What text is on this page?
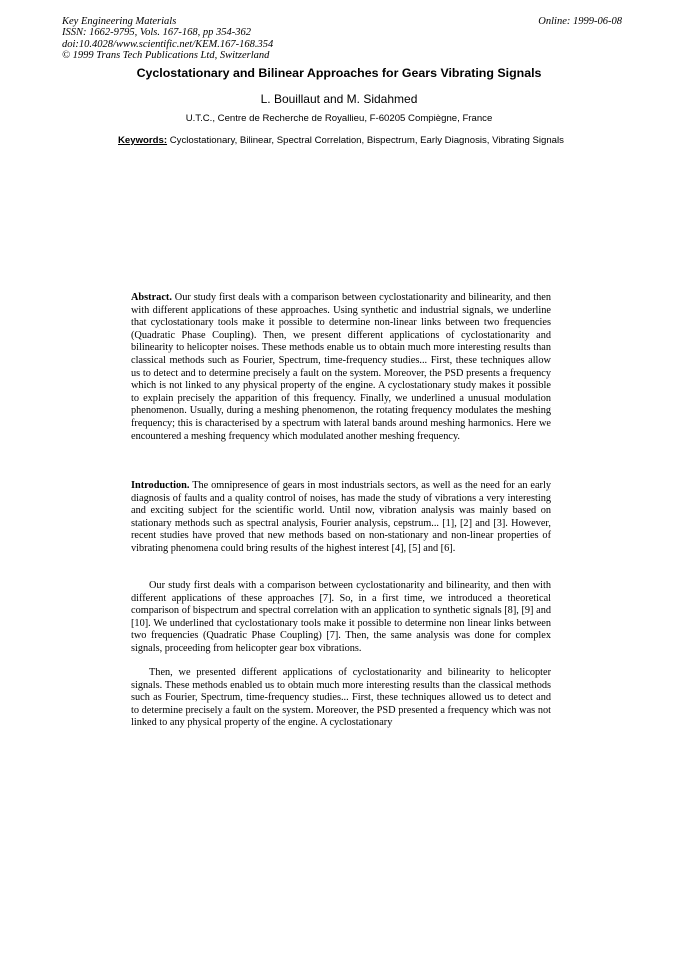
Key Engineering Materials
ISSN: 1662-9795, Vols. 167-168, pp 354-362
doi:10.4028/www.scientific.net/KEM.167-168.354
© 1999 Trans Tech Publications Ltd, Switzerland
Online: 1999-06-08
Cyclostationary and Bilinear Approaches for Gears Vibrating Signals
L. Bouillaut and M. Sidahmed
U.T.C., Centre de Recherche de Royallieu, F-60205 Compiègne, France
Keywords: Cyclostationary, Bilinear, Spectral Correlation, Bispectrum, Early Diagnosis, Vibrating Signals
Abstract. Our study first deals with a comparison between cyclostationarity and bilinearity, and then with different applications of these approaches. Using synthetic and industrial signals, we underline that cyclostationary tools make it possible to determine non-linear links between two frequencies (Quadratic Phase Coupling). Then, we present different applications of cyclostationarity and bilinearity to helicopter noises. These methods enable us to obtain much more interesting results than classical methods such as Fourier, Spectrum, time-frequency studies... First, these techniques allow us to detect and to determine precisely a fault on the system. Moreover, the PSD presents a frequency which is not linked to any physical property of the engine. A cyclostationary study makes it possible to explain precisely the apparition of this frequency. Finally, we underlined a unusual modulation phenomenon. Usually, during a meshing phenomenon, the rotating frequency modulates the meshing frequency; this is characterised by a spectrum with lateral bands around meshing harmonics. Here we encountered a meshing frequency which modulated another meshing frequency.
Introduction. The omnipresence of gears in most industrials sectors, as well as the need for an early diagnosis of faults and a quality control of noises, has made the study of vibrations a very interesting and exciting subject for the scientific world. Until now, vibration analysis was mainly based on stationary methods such as spectral analysis, Fourier analysis, cepstrum... [1], [2] and [3]. However, recent studies have proved that new methods based on non-stationary and non-linear properties of vibrating phenomena could bring results of the highest interest [4], [5] and [6].
Our study first deals with a comparison between cyclostationarity and bilinearity, and then with different applications of these approaches [7]. So, in a first time, we introduced a theoretical comparison of bispectrum and spectral correlation with an application to synthetic signals [8], [9] and [10]. We underlined that cyclostationary tools make it possible to determine non linear links between two frequencies (Quadratic Phase Coupling) [7]. Then, the same analysis was done for complex signals, proceeding from helicopter gear box vibrations.
Then, we presented different applications of cyclostationarity and bilinearity to helicopter signals. These methods enabled us to obtain much more interesting results than the classical methods such as Fourier, Spectrum, time-frequency studies... First, these techniques allowed us to detect and to determine precisely a fault on the system. Moreover, the PSD presented a frequency which was not linked to any physical property of the engine. A cyclostationary
